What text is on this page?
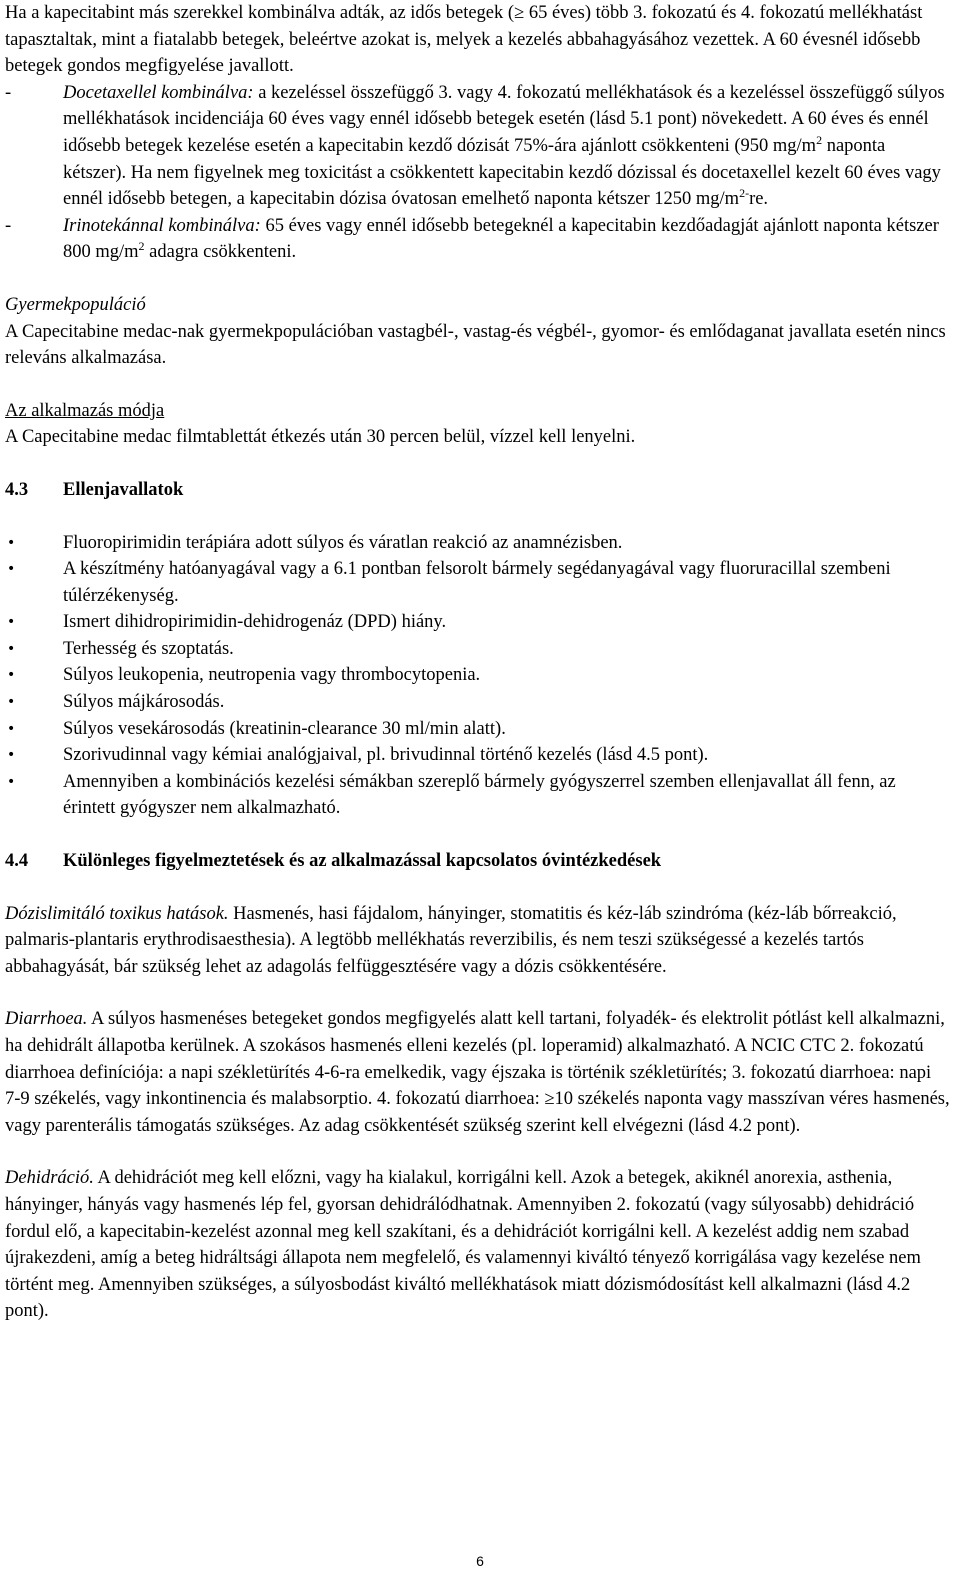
Ha a kapecitabint más szerekkel kombinálva adták, az idős betegek (≥ 65 éves) több 3. fokozatú és 4. fokozatú mellékhatást tapasztaltak, mint a fiatalabb betegek, beleértve azokat is, melyek a kezelés abbahagyásához vezettek. A 60 évesnél idősebb betegek gondos megfigyelése javallott.

-	Docetaxellel kombinálva: a kezeléssel összefüggő 3. vagy 4. fokozatú mellékhatások és a kezeléssel összefüggő súlyos mellékhatások incidenciája 60 éves vagy ennél idősebb betegek esetén (lásd 5.1 pont) növekedett. A 60 éves és ennél idősebb betegek kezelése esetén a kapecitabin kezdő dózisát 75%-ára ajánlott csökkenteni (950 $mg/m^2$ naponta kétszer). Ha nem figyelnek meg toxicitást a csökkentett kapecitabin kezdő dózissal és docetaxellel kezelt 60 éves vagy ennél idősebb betegen, a kapecitabin dózisa óvatosan emelhető naponta kétszer 1250 $mg/m^{2-}re$.
-	Irinotekánnal kombinálva: 65 éves vagy ennél idősebb betegeknél a kapecitabin kezdőadagját ajánlott naponta kétszer 800 $mg/m^2$ adagra csökkenteni.

Gyermekpopuláció

A Capecitabine medac-nak gyermekpopulációban vastagbél-, vastag-és végbél-, gyomor- és emlődaganat javallata esetén nincs releváns alkalmazása.

Az alkalmazás módja

A Capecitabine medac filmtablettát étkezés után 30 percen belül, vízzel kell lenyelni.

4.3	Ellenjavallatok
•	Fluoropirimidin terápiára adott súlyos és váratlan reakció az anamnézisben.
•	A készítmény hatóanyagával vagy a 6.1 pontban felsorolt bármely segédanyagával vagy fluoruracillal szembeni túlérzékenység.
•	Ismert dihidropirimidin-dehidrogenáz (DPD) hiány.
•	Terhesség és szoptatás.
•	Súlyos leukopenia, neutropenia vagy thrombocytopenia.
•	Súlyos májkárosodás.
•	Súlyos vesekárosodás (kreatinin-clearance 30 ml/min alatt).
•	Szorivudinnal vagy kémiai analógjaival, pl. brivudinnal történő kezelés (lásd 4.5 pont).
•	Amennyiben a kombinációs kezelési sémákban szereplő bármely gyógyszerrel szemben ellenjavallat áll fenn, az érintett gyógyszer nem alkalmazható.
4.4	Különleges figyelmeztetések és az alkalmazással kapcsolatos óvintézkedések

Dózislimitáló toxikus hatások. Hasmenés, hasi fájdalom, hányinger, stomatitis és kéz-láb szindróma (kéz-láb bőrreakció, palmaris-plantaris erythrodisaesthesia). A legtöbb mellékhatás reverzibilis, és nem teszi szükségessé a kezelés tartós abbahagyását, bár szükség lehet az adagolás felfüggesztésére vagy a dózis csökkentésére.

Diarrhoea. A súlyos hasmenéses betegeket gondos megfigyelés alatt kell tartani, folyadék- és elektrolit pótlást kell alkalmazni, ha dehidrált állapotba kerülnek. A szokásos hasmenés elleni kezelés (pl. loperamid) alkalmazható. A NCIC CTC 2. fokozatú diarrhoea definíciója: a napi székletürítés 4-6-ra emelkedik, vagy éjszaka is történik székletürítés; 3. fokozatú diarrhoea: napi 7-9 székelés, vagy inkontinencia és malabsorptio. 4. fokozatú diarrhoea: ≥10 székelés naponta vagy masszívan véres hasmenés, vagy parenterális támogatás szükséges. Az adag csökkentését szükség szerint kell elvégezni (lásd 4.2 pont).

Dehidráció. A dehidrációt meg kell előzni, vagy ha kialakul, korrigálni kell. Azok a betegek, akiknél anorexia, asthenia, hányinger, hányás vagy hasmenés lép fel, gyorsan dehidrálódhatnak. Amennyiben 2. fokozatú (vagy súlyosabb) dehidráció fordul elő, a kapecitabin-kezelést azonnal meg kell szakítani, és a dehidrációt korrigálni kell. A kezelést addig nem szabad újrakezdeni, amíg a beteg hidráltsági állapota nem megfelelő, és valamennyi kiváltó tényező korrigálása vagy kezelése nem történt meg. Amennyiben szükséges, a súlyosbodást kiváltó mellékhatások miatt dózismódosítást kell alkalmazni (lásd 4.2 pont).

6
